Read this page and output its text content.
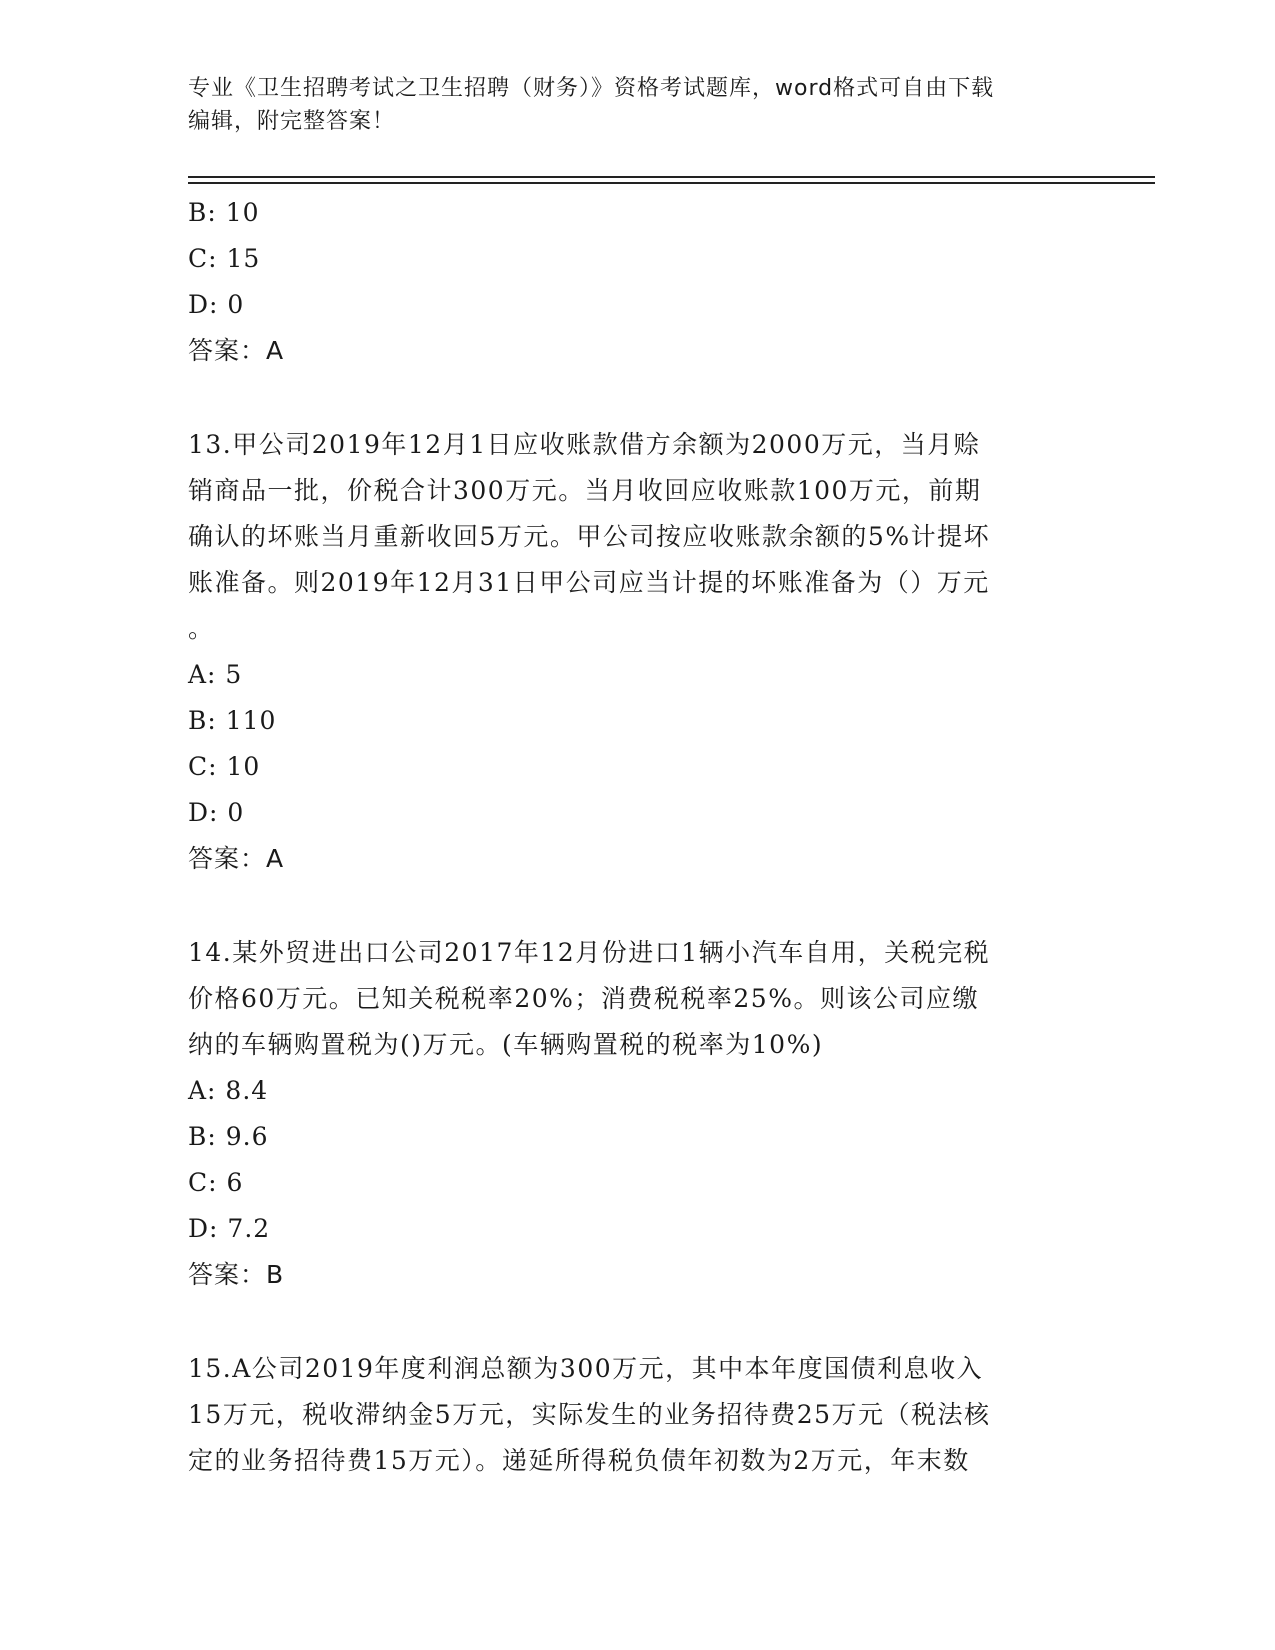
专业《卫生招聘考试之卫生招聘（财务）》资格考试题库，word格式可自由下载
编辑，附完整答案！
B: 10
C: 15
D: 0
答案：A
13.甲公司2019年12月1日应收账款借方余额为2000万元，当月赊
销商品一批，价税合计300万元。当月收回应收账款100万元，前期
确认的坏账当月重新收回5万元。甲公司按应收账款余额的5%计提坏
账准备。则2019年12月31日甲公司应当计提的坏账准备为（）万元
。
A: 5
B: 110
C: 10
D: 0
答案：A
14.某外贸进出口公司2017年12月份进口1辆小汽车自用，关税完税
价格60万元。已知关税税率20%；消费税税率25%。则该公司应缴
纳的车辆购置税为()万元。(车辆购置税的税率为10%)
A: 8.4
B: 9.6
C: 6
D: 7.2
答案：B
15.A公司2019年度利润总额为300万元，其中本年度国债利息收入
15万元，税收滞纳金5万元，实际发生的业务招待费25万元（税法核
定的业务招待费15万元）。递延所得税负债年初数为2万元，年末数
